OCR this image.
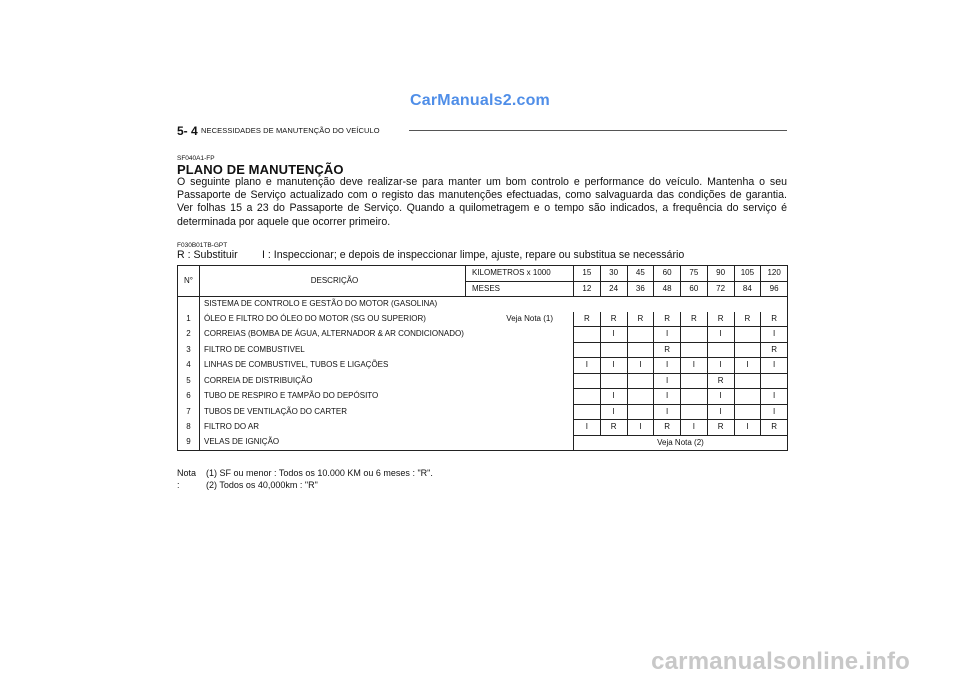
CarManuals2.com
5- 4 NECESSIDADES DE MANUTENÇÃO DO VEÍCULO
SF040A1-FP
PLANO DE MANUTENÇÃO
O seguinte plano e manutenção deve realizar-se para manter um bom controlo e performance do veículo. Mantenha o seu Passaporte de Serviço actualizado com o registo das manutenções efectuadas, como salvaguarda das condições de garantia. Ver folhas 15 a 23 do Passaporte de Serviço. Quando a quilometragem e o tempo são indicados, a frequência do serviço é determinada por aquele que ocorrer primeiro.
F030B01TB-GPT
R : Substituir I : Inspeccionar; e depois de inspeccionar limpe, ajuste, repare ou substitua se necessário
N°	DESCRIÇÃO	KILOMETROS x 1000	15	30	45	60	75	90	105	120
		MESES	12	24	36	48	60	72	84	96
	SISTEMA DE CONTROLO E GESTÃO DO MOTOR (GASOLINA)									
1	ÓLEO E FILTRO DO ÓLEO DO MOTOR (SG OU SUPERIOR) Veja Nota (1)		R	R	R	R	R	R	R	R
2	CORREIAS (BOMBA DE ÁGUA, ALTERNADOR & AR CONDICIONADO)			I		I		I		I
3	FILTRO DE COMBUSTIVEL					R				R
4	LINHAS DE COMBUSTIVEL, TUBOS E LIGAÇÕES		I	I	I	I	I	I	I	I
5	CORREIA DE DISTRIBUIÇÃO					I		R		
6	TUBO DE RESPIRO E TAMPÃO DO DEPÓSITO			I		I		I		I
7	TUBOS DE VENTILAÇÃO DO CARTER			I		I		I		I
8	FILTRO DO AR		I	R	I	R	I	R	I	R
9	VELAS DE IGNIÇÃO		Veja Nota (2)							
Nota :
(1) SF ou menor : Todos os 10.000 KM ou 6 meses : "R".
(2) Todos os 40,000km : "R"
carmanualsonline.info
